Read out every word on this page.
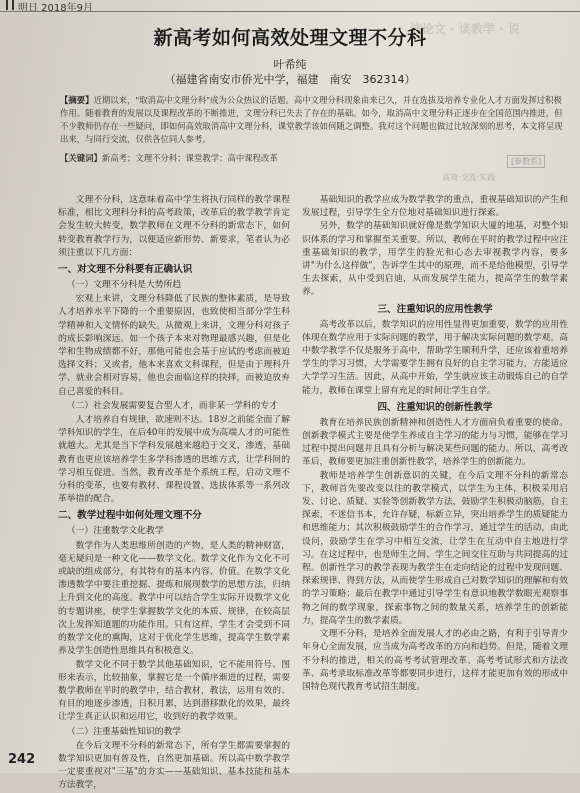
明日 2018年9月
读论文 · 谈教学 · 说
新高考如何高效处理文理不分科
叶希纯
（福建省南安市侨光中学，福建　南安　362314）
【摘要】近期以来，"取消高中文理分科"成为公众热议的话题。高中文理分科现象由来已久，并在选拔及培养专业化人才方面发挥过积极作用。随着教育的发展以及课程改革的不断推进，文理分科已失去了存在的基础。如今，取消高中文理分科正逐步在全国范围内推进，但不少教师仍存在一些疑问，即如何高效取消高中文理分科，课堂教学该如何随之调整。我对这个问题也做过比较深刻的思考，本文将呈现出来，与同行交流，仅供各位同人参考。
【关键词】新高考；文理不分科；课堂教学；高中课程改革	[参数系]
高效·交流·实践

文理不分科，这意味着高中学生将执行同样的教学课程标准，相比文理科分科的高考政策，改革后的教学教学肯定会发生较大转变，数学教师在文理不分科的新常态下，如何转变教育教学行为，以便适应新形势、新要求，笔者认为必须注重以下几方面：

一、对文理不分科要有正确认识
（一）文理不分科是大势所趋

宏观上来讲，文理分科降低了民族的整体素质，是导致人才培养水平下降的一个重要原因，也致使相当部分学生科学精神和人文情怀的缺失。从微观上来讲，文理分科对孩子的成长影响深远。如一个孩子本来对物理最感兴趣，但是化学和生物成绩都不好，那他可能也会基于应试的考虑而被迫选择文科；又或者，他本来喜欢文科课程，但是由于理科升学、就业会相对容易，他也会面临这样的抉择，而被迫放弃自己喜爱的科目。

（二）社会发展需要复合型人才，而非某一学科的专才

人才培养自有规律，欲速则不达。18岁之前能全面了解学科知识的学生，在后40年的发展中成为高端人才的可能性就越大。尤其是当下学科发展越来越趋于交叉、渗透，基础教育也更应该培养学生多学科渗透的思维方式，让学科间的学习相互促进。当然，教育改革是个系统工程，启动文理不分科的变革，也要有教材、课程设置、选拔体系等一系列改革举措的配合。

二、教学过程中如何处理文理不分
（一）注重数学文化教学

数学作为人类思维所创造的产物，是人类的精神财富，毫无疑问是一种文化——数学文化。数学文化作为文化不可或缺的组成部分，有其特有的基本内容、价值。在数学文化渗透数学中要注重挖掘、提炼和展现数学的思想方法，归纳上升到文化的高度。教学中可以结合学生实际开设数学文化的专题讲座，使学生掌握数学文化的本质、规律，在较高层次上发挥知道题的功能作用。只有这样，学生才会受到不同的数学文化的熏陶，这对于优化学生思维，提高学生数学素养及学生创造性思维具有积极意义。

数学文化不同于数学其他基础知识，它不能用符号、图形来表示，比较抽象，掌握它是一个循序渐进的过程，需要数学教师在平时的教学中，结合教材，教法，运用有效的、有目的地逐步渗透，日积月累，达到潜移默化的效果，最终让学生真正认识和运用它，收到好的教学效果。

（二）注重基础性知识的教学

在今后文理不分科的新常态下，所有学生都需要掌握的数学知识更加有普及性，自然更加基础。所以高中数学教学一定要重视对"三基"的夯实——基础知识、基本技能和基本方法教学，

基础知识的教学应成为数学教学的重点，重视基础知识的产生和发展过程，引导学生全方位地对基础知识进行探索。

另外，数学的基础知识就好像是数学知识大厦的地基，对整个知识体系的学习和掌握至关重要。所以，教师在平时的教学过程中应注重基础知识的教学，用学生的脸光和心态去审视教学内容，要多讲"为什么这样做"，告诉学生其中的原理，而不是给他模型，引导学生去探索，从中受到启迪，从而发展学生能力，提高学生的数学素养。

三、注重知识的应用性教学

高考改革以后，数学知识的应用性显得更加重要，数学的应用性体现在数学应用于实际问题的教学，用于解决实际问题的数学观。高中数学教学不仅是服务于高中，帮助学生顺利升学，还应该着重培养学生的学习习惯，大学需要学生拥有良好的自主学习能力，方能适应大学学习生活。因此，从高中开始，学生就应该主动锻炼自己的自学能力，教师在课堂上留有充足的时间让学生自学。

四、注重知识的创新性教学

教育在培养民族创新精神和创造性人才方面肩负着重要的使命。创新教学模式主要是使学生养成自主学习的能力与习惯，能够在学习过程中提出问题并且具有分析与解决某些问题的能力。所以，高考改革后，教师要更加注重创新性教学，培养学生的创新能力。

教师是培养学生创新意识的关键，在今后文理不分科的新常态下，教师首先要改变以往的教学模式，以学生为主体，积极采用启发、讨论、质疑、实验等创新教学方法，鼓励学生积极动脑筋，自主探索，不迷信书本，允许存疑，标新立异，突出培养学生的质疑能力和思维能力；其次积极鼓励学生的合作学习，通过学生的活动，由此设问，鼓励学生在学习中相互交流，让学生在互动中自主地进行学习。在这过程中，也是师生之间、学生之间交往互助与共同提高的过程。创新性学习的教学表现为教学生在走向结论的过程中发现问题、探索规律、得到方法，从而使学生形成自己对数学知识的理解和有效的学习策略；最后在教学中通过引导学生有意识地教学数眼光观察事物之间的数学现象，探索事物之间的数量关系，培养学生的创新能力，提高学生的数学素质。

文理不分科，是培养全面发展人才的必由之路，有利于引导青少年身心全面发展，应当成为高考改革的方向和趋势。但是，随着文理不分科的推进，相关的高考考试管理改革、高考考试形式和方法改革、高考录取标准改革等都要同步进行，这样才能更加有效的形成中国特色现代教育考试招生制度。

242
